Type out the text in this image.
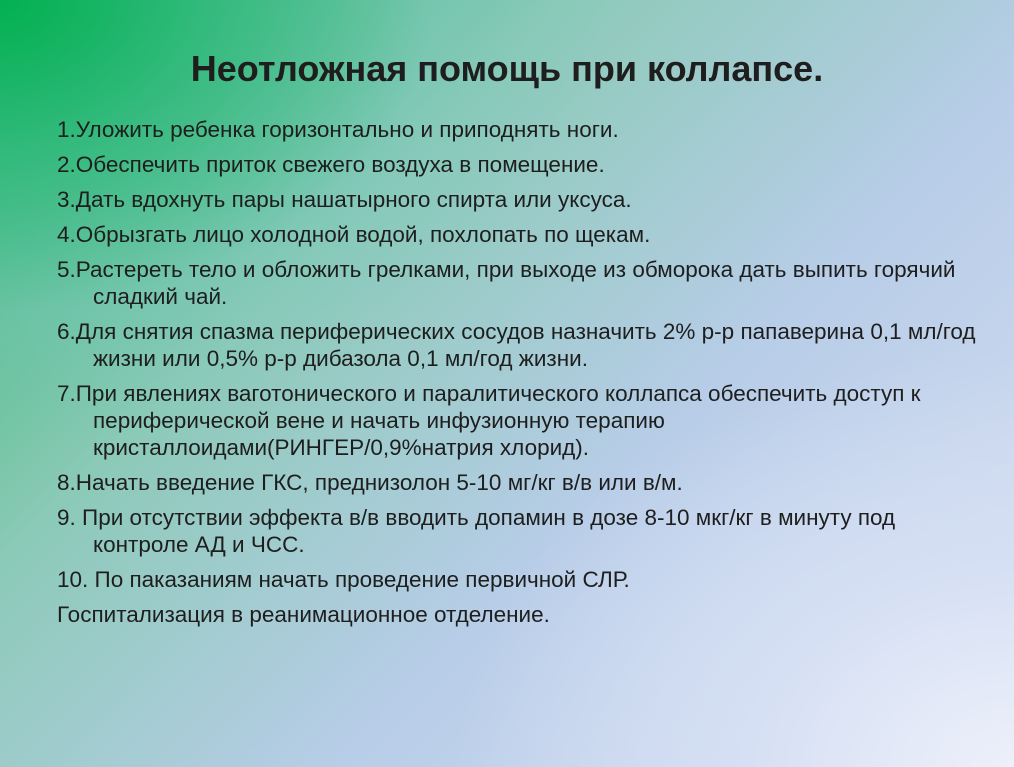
Неотложная помощь при коллапсе.
1.Уложить ребенка горизонтально и приподнять ноги.
2.Обеспечить приток свежего воздуха в помещение.
3.Дать вдохнуть пары нашатырного спирта или уксуса.
4.Обрызгать лицо холодной водой, похлопать по щекам.
5.Растереть тело и обложить грелками, при выходе из обморока дать выпить горячий сладкий чай.
6.Для снятия спазма периферических сосудов назначить 2% р-р папаверина 0,1 мл/год жизни или 0,5% р-р дибазола 0,1 мл/год жизни.
7.При явлениях ваготонического и паралитического коллапса обеспечить доступ к периферической вене и начать инфузионную терапию кристаллоидами(РИНГЕР/0,9%натрия хлорид).
8.Начать введение ГКС, преднизолон 5-10 мг/кг в/в или в/м.
9. При отсутствии эффекта в/в вводить допамин в дозе 8-10 мкг/кг в минуту под контроле АД и ЧСС.
10. По паказаниям начать проведение первичной СЛР.
Госпитализация в реанимационное отделение.
